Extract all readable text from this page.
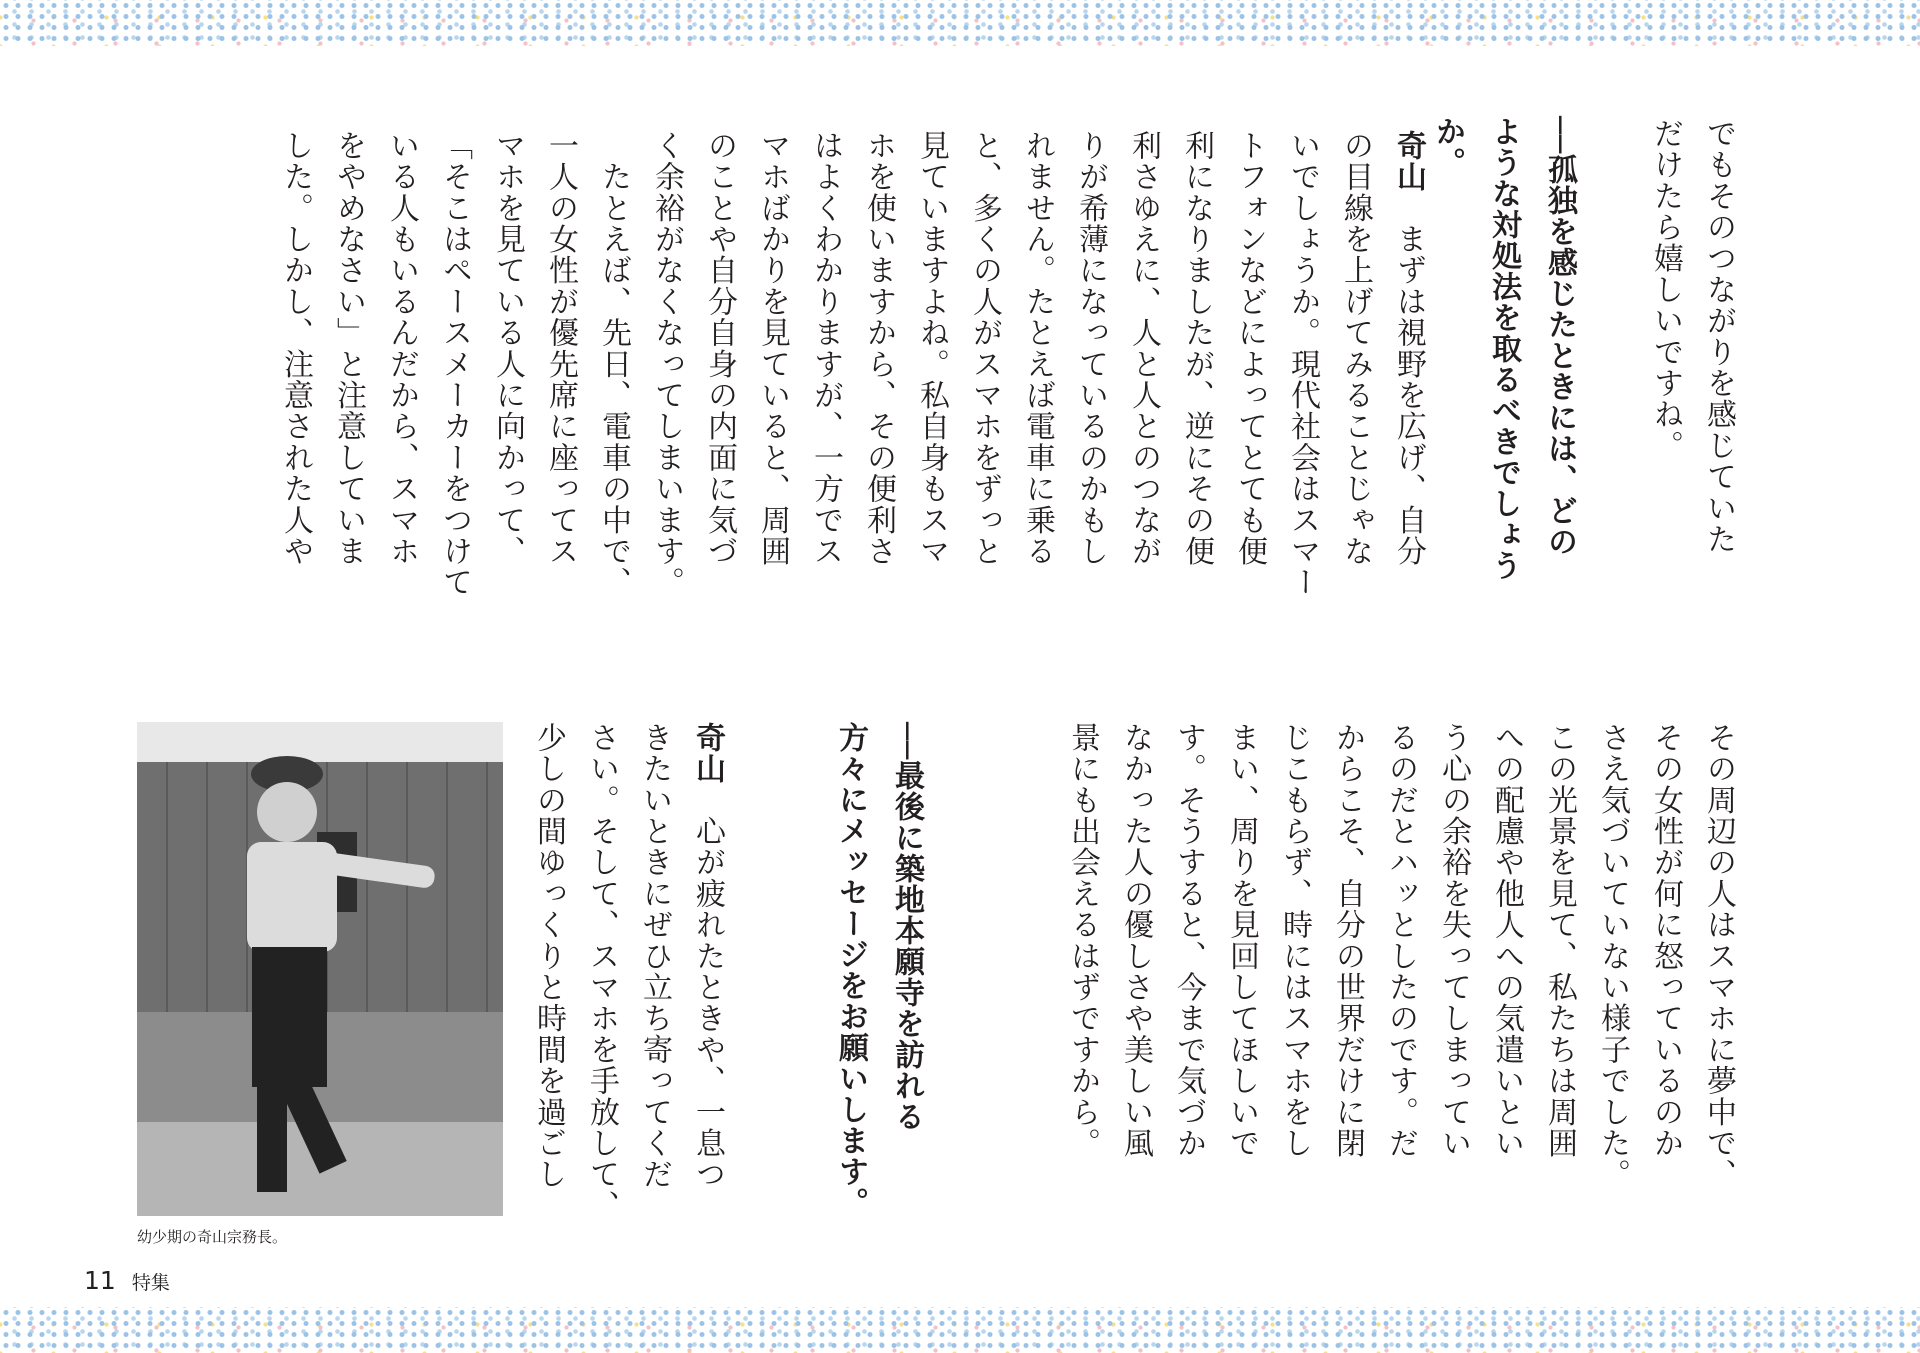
でもそのつながりを感じていた
だけたら嬉しいですね。
──孤独を感じたときには、どの
ような対処法を取るべきでしょう
か。
奇山　まずは視野を広げ、自分
の目線を上げてみることじゃな
いでしょうか。現代社会はスマー
トフォンなどによってとても便
利になりましたが、逆にその便
利さゆえに、人と人とのつなが
りが希薄になっているのかもし
れません。たとえば電車に乗る
と、多くの人がスマホをずっと
見ていますよね。私自身もスマ
ホを使いますから、その便利さ
はよくわかりますが、一方でス
マホばかりを見ていると、周囲
のことや自分自身の内面に気づ
く余裕がなくなってしまいます。
　たとえば、先日、電車の中で、
一人の女性が優先席に座ってス
マホを見ている人に向かって、
「そこはペースメーカーをつけて
いる人もいるんだから、スマホ
をやめなさい」と注意していま
した。しかし、注意された人や
その周辺の人はスマホに夢中で、
その女性が何に怒っているのか
さえ気づいていない様子でした。
この光景を見て、私たちは周囲
への配慮や他人への気遣いとい
う心の余裕を失ってしまってい
るのだとハッとしたのです。だ
からこそ、自分の世界だけに閉
じこもらず、時にはスマホをし
まい、周りを見回してほしいで
す。そうすると、今まで気づか
なかった人の優しさや美しい風
景にも出会えるはずですから。
──最後に築地本願寺を訪れる
方々にメッセージをお願いします。
奇山　心が疲れたときや、一息つ
きたいときにぜひ立ち寄ってくだ
さい。そして、スマホを手放して、
少しの間ゆっくりと時間を過ごし
幼少期の奇山宗務長。
11 特集
